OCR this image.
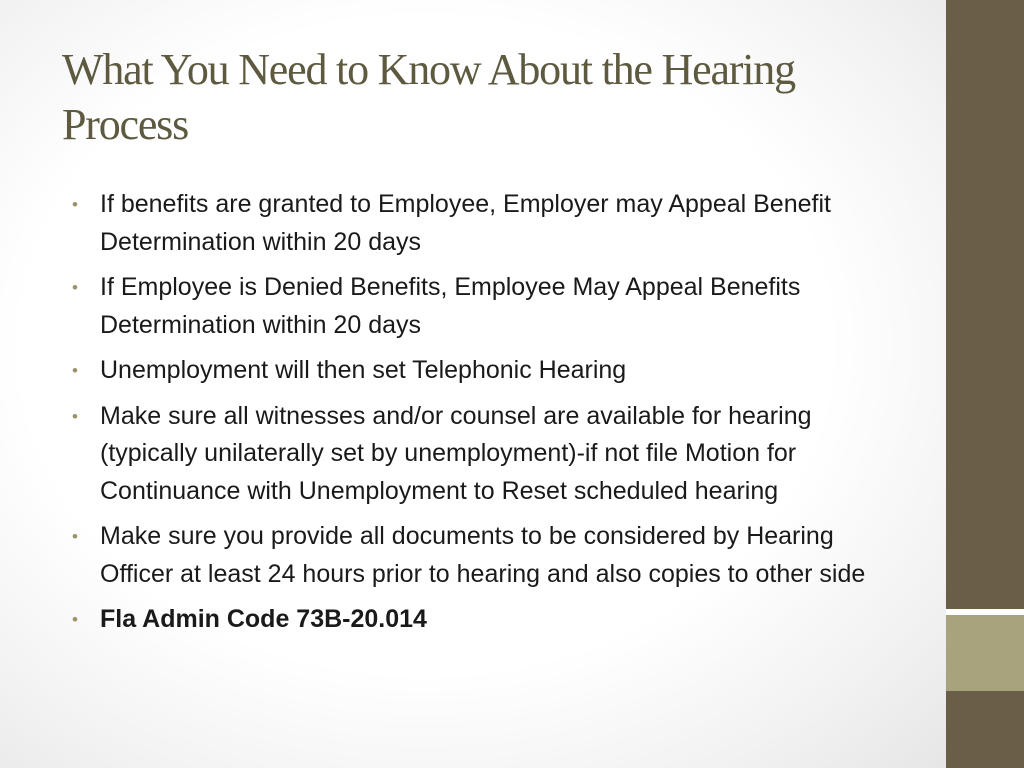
What You Need to Know About the Hearing Process
• If benefits are granted to Employee, Employer may Appeal Benefit Determination within 20 days
• If Employee is Denied Benefits, Employee May Appeal Benefits Determination within 20 days
• Unemployment will then set Telephonic Hearing
• Make sure all witnesses and/or counsel are available for hearing (typically unilaterally set by unemployment)-if not file Motion for Continuance with Unemployment to Reset scheduled hearing
• Make sure you provide all documents to be considered by Hearing Officer at least 24 hours prior to hearing and also copies to other side
• Fla Admin Code 73B-20.014
